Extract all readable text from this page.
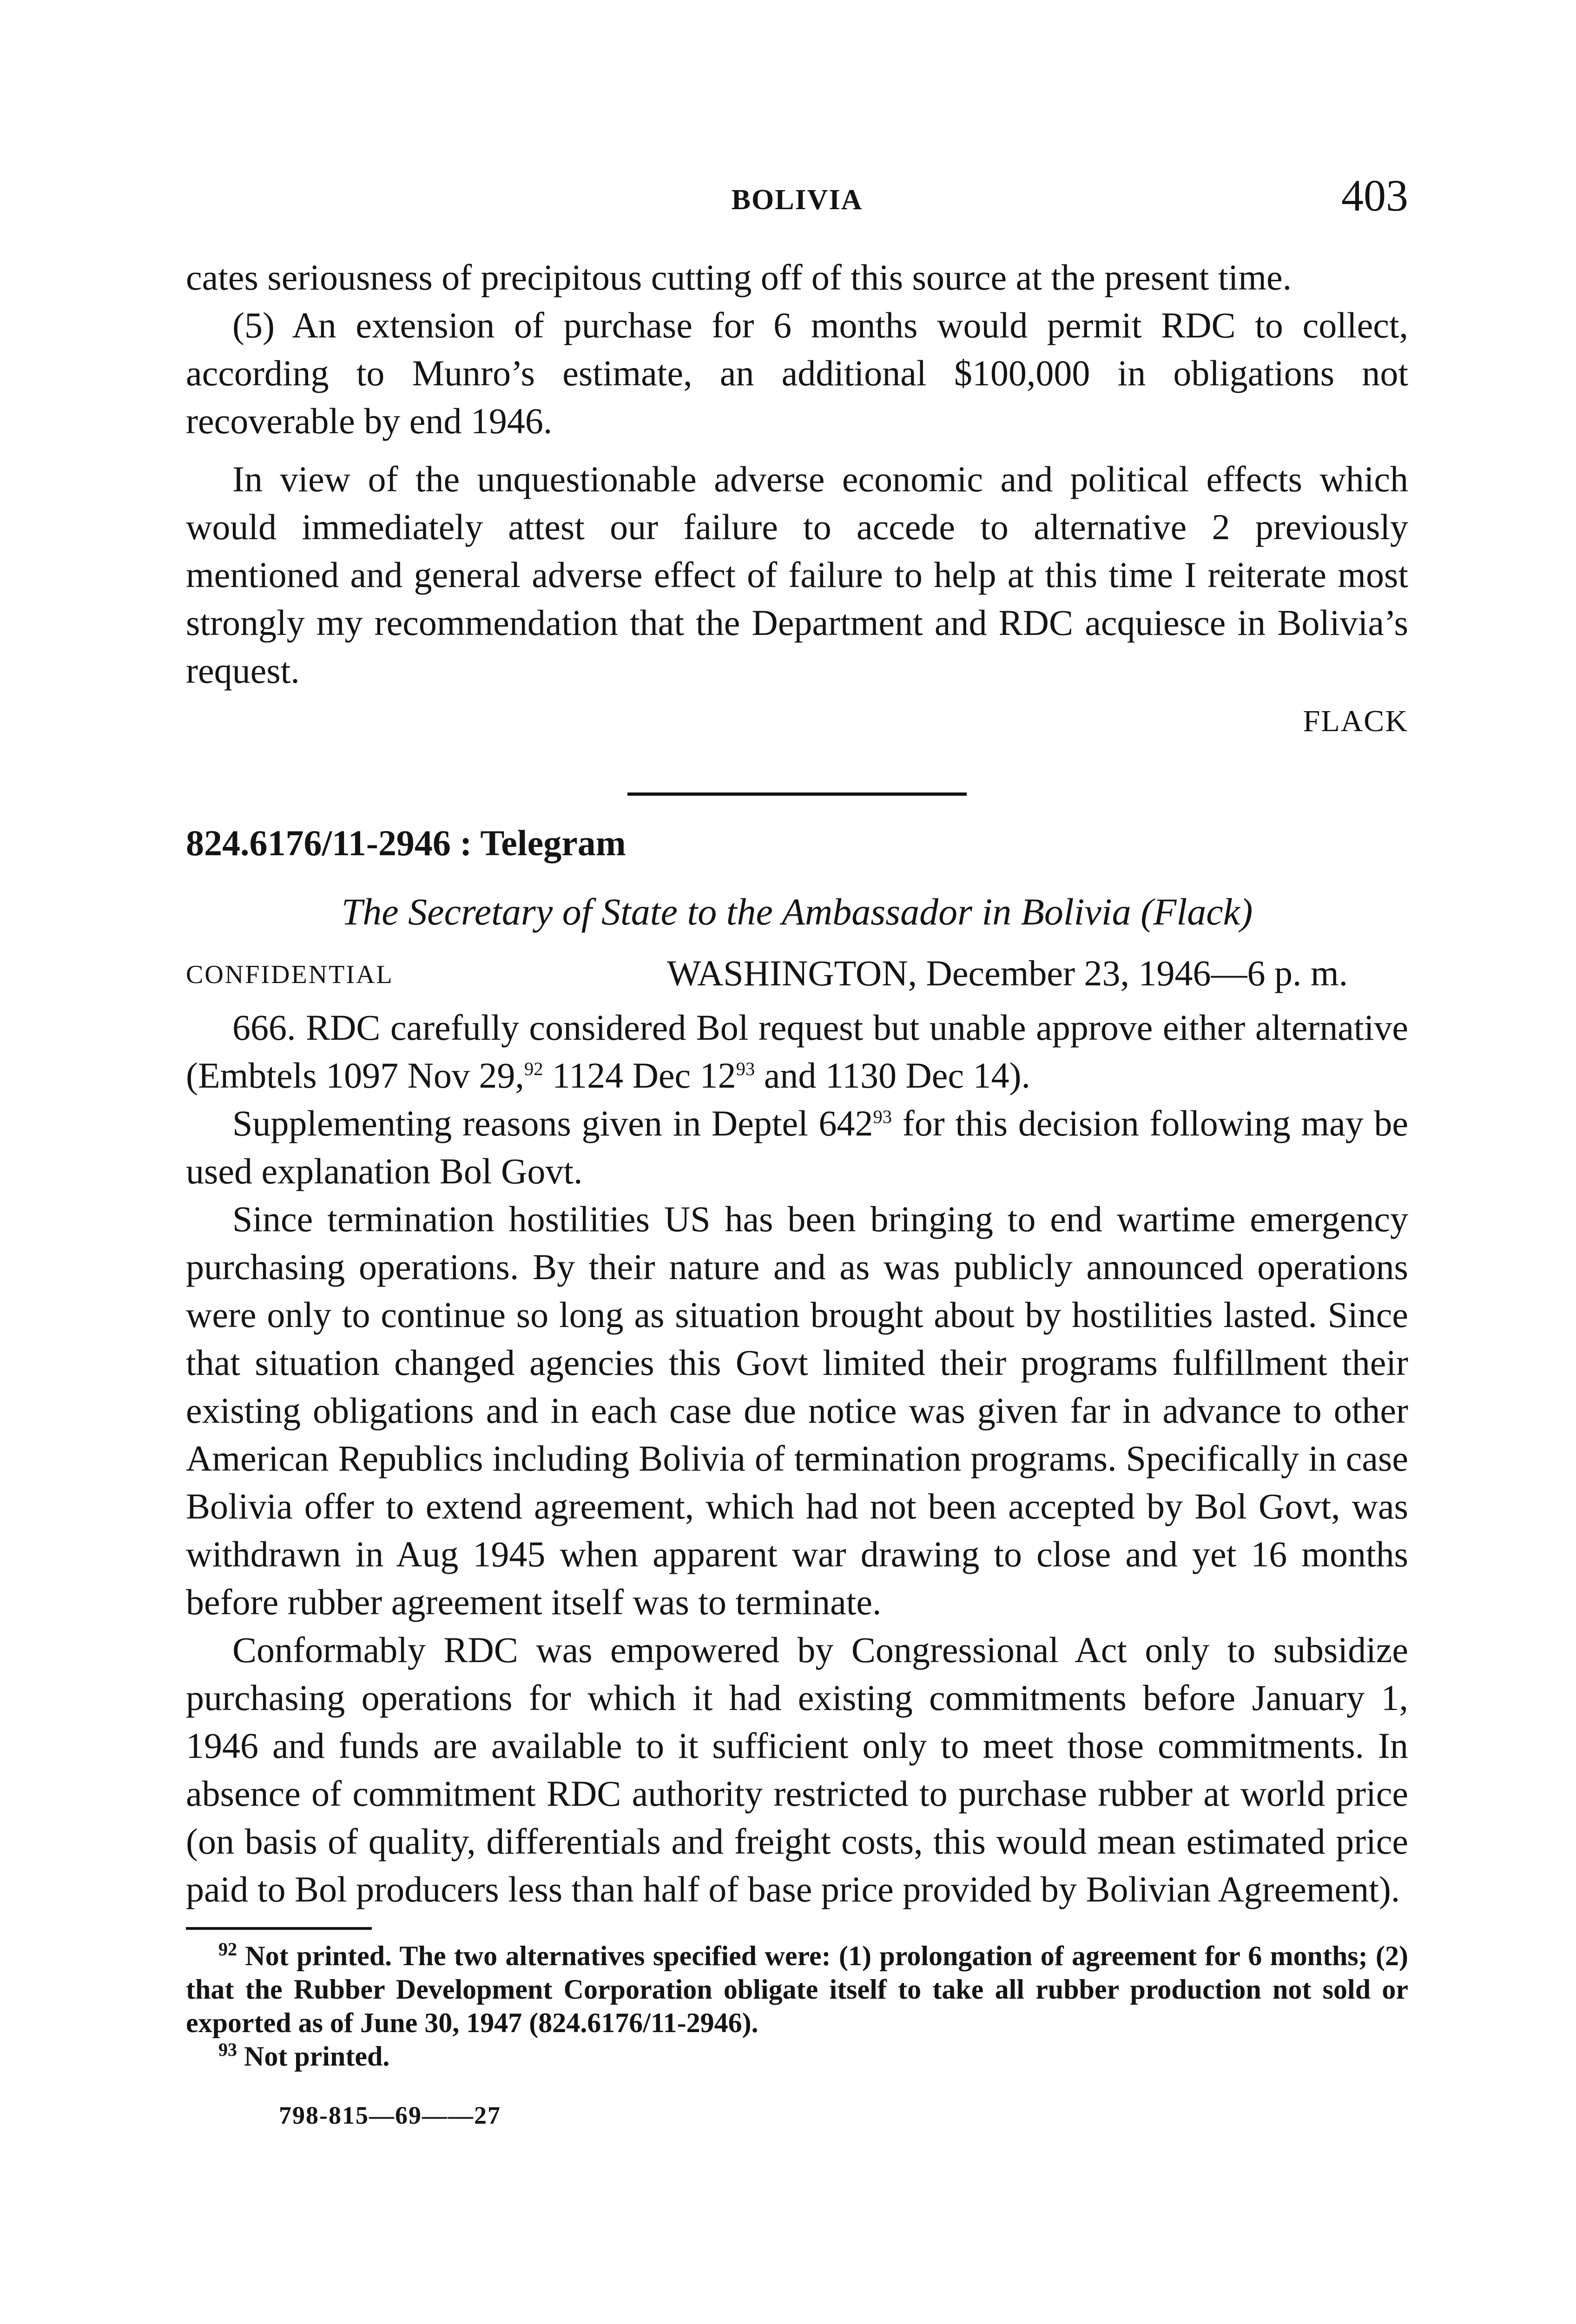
BOLIVIA	403

cates seriousness of precipitous cutting off of this source at the present time.

(5) An extension of purchase for 6 months would permit RDC to collect, according to Munro’s estimate, an additional $100,000 in obligations not recoverable by end 1946.

In view of the unquestionable adverse economic and political effects which would immediately attest our failure to accede to alternative 2 previously mentioned and general adverse effect of failure to help at this time I reiterate most strongly my recommendation that the Department and RDC acquiesce in Bolivia’s request.

FLACK

824.6176/11-2946 : Telegram

The Secretary of State to the Ambassador in Bolivia (Flack)
CONFIDENTIAL	WASHINGTON, December 23, 1946—6 p. m.

666. RDC carefully considered Bol request but unable approve either alternative (Embtels 1097 Nov 29,92 1124 Dec $12^{93}$ and 1130 Dec 14).

Supplementing reasons given in Deptel $642^{93}$ for this decision following may be used explanation Bol Govt.

Since termination hostilities US has been bringing to end wartime emergency purchasing operations. By their nature and as was publicly announced operations were only to continue so long as situation brought about by hostilities lasted. Since that situation changed agencies this Govt limited their programs fulfillment their existing obligations and in each case due notice was given far in advance to other American Republics including Bolivia of termination programs. Specifically in case Bolivia offer to extend agreement, which had not been accepted by Bol Govt, was withdrawn in Aug 1945 when apparent war drawing to close and yet 16 months before rubber agreement itself was to terminate.

Conformably RDC was empowered by Congressional Act only to subsidize purchasing operations for which it had existing commitments before January 1, 1946 and funds are available to it sufficient only to meet those commitments. In absence of commitment RDC authority restricted to purchase rubber at world price (on basis of quality, differentials and freight costs, this would mean estimated price paid to Bol producers less than half of base price provided by Bolivian Agreement).

$^{92}$ Not printed. The two alternatives specified were: (1) prolongation of agreement for 6 months; (2) that the Rubber Development Corporation obligate itself to take all rubber production not sold or exported as of June 30, 1947 (824.6176/11-2946).

$^{93}$ Not printed.

798-815—69——27
